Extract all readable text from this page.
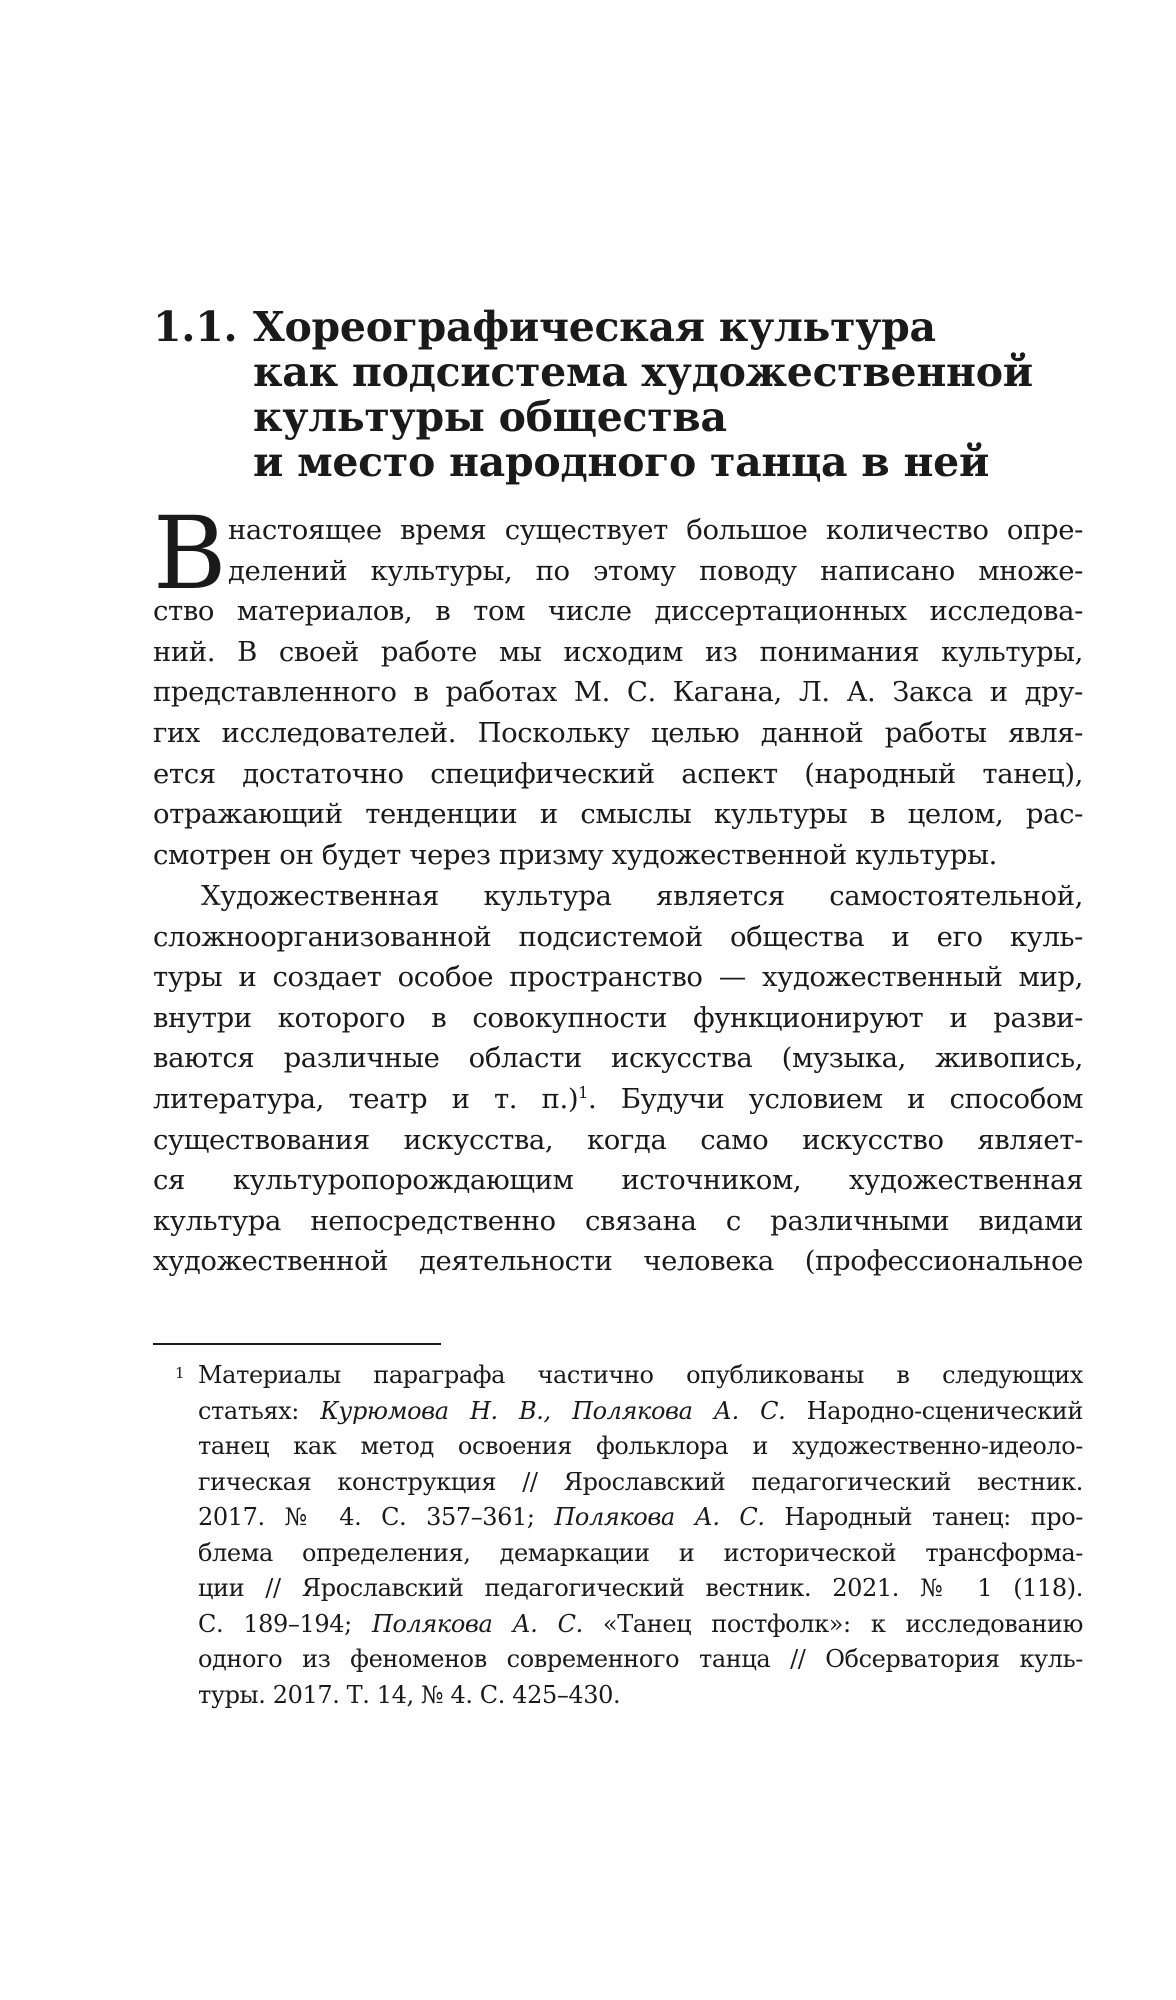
1.1. Хореографическая культура
как подсистема художественной
культуры общества
и место народного танца в ней
В настоящее время существует большое количество опре-
делений культуры, по этому поводу написано множе-
ство материалов, в том числе диссертационных исследова-
ний. В своей работе мы исходим из понимания культуры,
представленного в работах М. С. Кагана, Л. А. Закса и дру-
гих исследователей. Поскольку целью данной работы явля-
ется достаточно специфический аспект (народный танец),
отражающий тенденции и смыслы культуры в целом, рас-
смотрен он будет через призму художественной культуры.
Художественная культура является самостоятельной,
сложноорганизованной подсистемой общества и его куль-
туры и создает особое пространство — художественный мир,
внутри которого в совокупности функционируют и разви-
ваются различные области искусства (музыка, живопись,
литература, театр и т. п.)$^1$. Будучи условием и способом
существования искусства, когда само искусство являет-
ся культуропорождающим источником, художественная
культура непосредственно связана с различными видами
художественной деятельности человека (профессиональное
1 Материалы параграфа частично опубликованы в следующих
статьях: Курюмова Н. В., Полякова А. С. Народно-сценический
танец как метод освоения фольклора и художественно-идеоло-
гическая конструкция // Ярославский педагогический вестник.
2017. № 4. С. 357–361; Полякова А. С. Народный танец: про-
блема определения, демаркации и исторической трансформа-
ции // Ярославский педагогический вестник. 2021. № 1 (118).
С. 189–194; Полякова А. С. «Танец постфолк»: к исследованию
одного из феноменов современного танца // Обсерватория куль-
туры. 2017. Т. 14, № 4. С. 425–430.
